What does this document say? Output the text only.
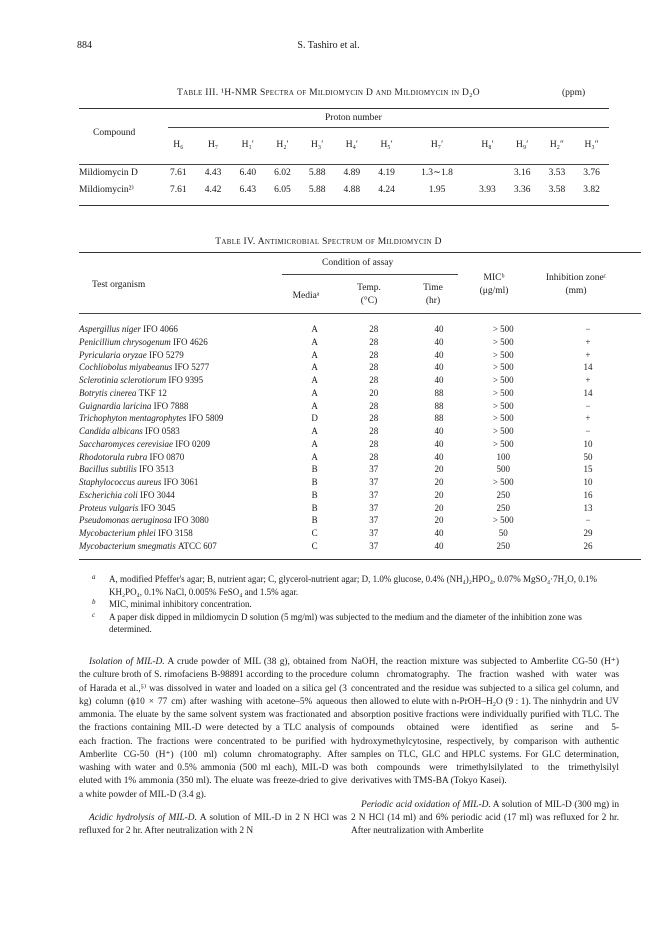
884	S. Tashiro et al.
Table III. ¹H-NMR Spectra of Mildiomycin D and Mildiomycin in D₂O	(ppm)
Compound
Proton number
	H₆	H₇	H₁′	H₂′	H₃′	H₄′	H₅′	H₇′	H₈′	H₉′	H₂″	H₃″

Mildiomycin D	7.61	4.43	6.40	6.02	5.88	4.89	4.19	1.3∼1.8		3.16	3.53	3.76
Mildiomycin²⁾	7.61	4.42	6.43	6.05	5.88	4.88	4.24	1.95	3.93	3.36	3.58	3.82
Table IV. Antimicrobial Spectrum of Mildiomycin D
Test organism
Condition of assay
Mediaᵃ
Temp.
(°C)
Time
(hr)
MICᵇ
(μg/ml)
Inhibition zoneᶜ
(mm)
Aspergillus niger IFO 4066		A	28	40	> 500	−
Penicillium chrysogenum IFO 4626		A	28	40	> 500	+
Pyricularia oryzae IFO 5279		A	28	40	> 500	+
Cochliobolus miyabeanus IFO 5277		A	28	40	> 500	14
Sclerotinia sclerotiorum IFO 9395		A	28	40	> 500	+
Botrytis cinerea TKF 12		A	20	88	> 500	14
Guignardia laricina IFO 7888		A	28	88	> 500	−
Trichophyton mentagrophytes IFO 5809		D	28	88	> 500	+
Candida albicans IFO 0583		A	28	40	> 500	−
Saccharomyces cerevisiae IFO 0209		A	28	40	> 500	10
Rhodotorula rubra IFO 0870		A	28	40	100	50
Bacillus subtilis IFO 3513		B	37	20	500	15
Staphylococcus aureus IFO 3061		B	37	20	> 500	10
Escherichia coli IFO 3044		B	37	20	250	16
Proteus vulgaris IFO 3045		B	37	20	250	13
Pseudomonas aeruginosa IFO 3080		B	37	20	> 500	−
Mycobacterium phlei IFO 3158		C	37	40	50	29
Mycobacterium smegmatis ATCC 607		C	37	40	250	26
a A, modified Pfeffer's agar; B, nutrient agar; C, glycerol-nutrient agar; D, 1.0% glucose, 0.4% (NH₄)₂HPO₄, 0.07% MgSO₄·7H₂O, 0.1% KH₂PO₄, 0.1% NaCl, 0.005% FeSO₄ and 1.5% agar.
b MIC, minimal inhibitory concentration.
c A paper disk dipped in mildiomycin D solution (5 mg/ml) was subjected to the medium and the diameter of the inhibition zone was determined.

Isolation of MIL-D. A crude powder of MIL (38 g), obtained from the culture broth of S. rimofaciens B-98891 according to the procedure of Harada et al.,⁵⁾ was dissolved in water and loaded on a silica gel (3 kg) column (ϕ10 × 77 cm) after washing with acetone–5% aqueous ammonia. The eluate by the same solvent system was fractionated and the fractions containing MIL-D were detected by a TLC analysis of each fraction. The fractions were concentrated to be purified with Amberlite CG-50 (H⁺) (100 ml) column chromatography. After washing with water and 0.5% ammonia (500 ml each), MIL-D was eluted with 1% ammonia (350 ml). The eluate was freeze-dried to give a white powder of MIL-D (3.4 g).

Acidic hydrolysis of MIL-D. A solution of MIL-D in 2 N HCl was refluxed for 2 hr. After neutralization with 2 N

NaOH, the reaction mixture was subjected to Amberlite CG-50 (H⁺) column chromatography. The fraction washed with water was concentrated and the residue was subjected to a silica gel column, and then allowed to elute with n-PrOH–H₂O (9 : 1). The ninhydrin and UV absorption positive fractions were individually purified with TLC. The compounds obtained were identified as serine and 5-hydroxymethylcytosine, respectively, by comparison with authentic samples on TLC, GLC and HPLC systems. For GLC determination, both compounds were trimethylsilylated to the trimethylsilyl derivatives with TMS-BA (Tokyo Kasei).

Periodic acid oxidation of MIL-D. A solution of MIL-D (300 mg) in 2 N HCl (14 ml) and 6% periodic acid (17 ml) was refluxed for 2 hr. After neutralization with Amberlite
